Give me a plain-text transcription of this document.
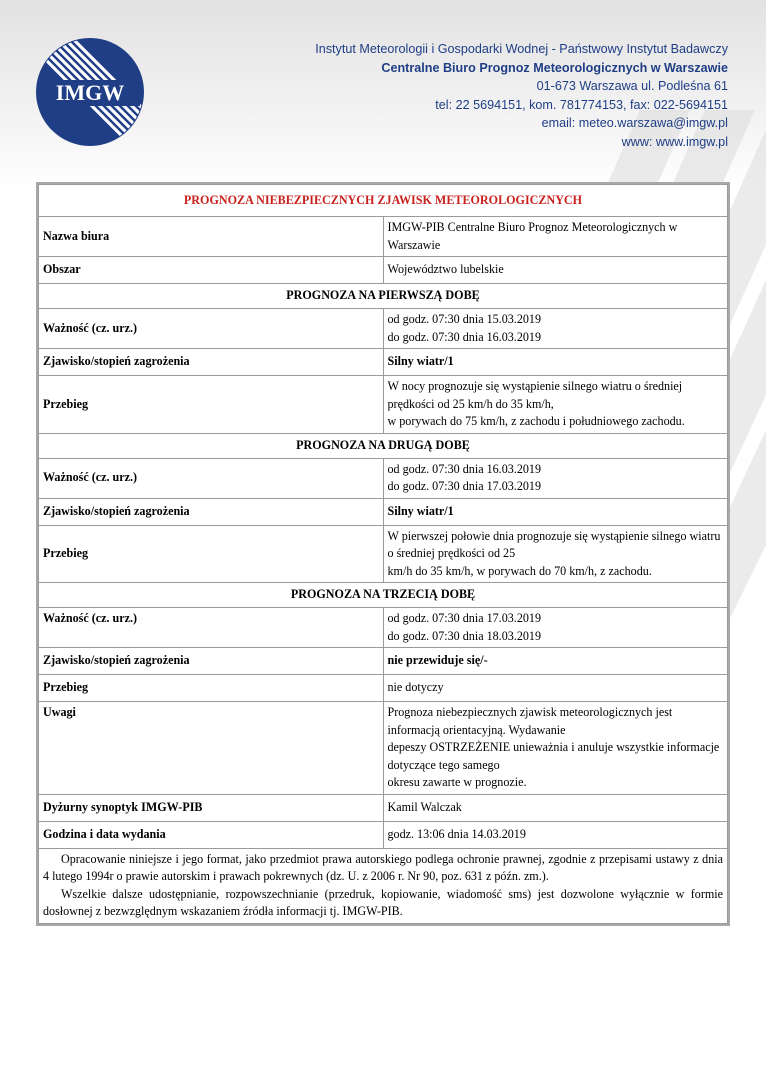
IMGW
Instytut Meteorologii i Gospodarki Wodnej - Państwowy Instytut Badawczy
Centralne Biuro Prognoz Meteorologicznych w Warszawie
01-673 Warszawa ul. Podleśna 61
tel: 22 5694151, kom. 781774153, fax: 022-5694151
email: meteo.warszawa@imgw.pl
www: www.imgw.pl
PROGNOZA NIEBEZPIECZNYCH ZJAWISK METEOROLOGICZNYCH	
Nazwa biura	IMGW-PIB Centralne Biuro Prognoz Meteorologicznych w Warszawie
Obszar	Województwo lubelskie
PROGNOZA NA PIERWSZĄ DOBĘ	
Ważność (cz. urz.)	od godz. 07:30 dnia 15.03.2019
do godz. 07:30 dnia 16.03.2019

Zjawisko/stopień zagrożenia	Silny wiatr/1
Przebieg	W nocy prognozuje się wystąpienie silnego wiatru o średniej prędkości od 25 km/h do 35 km/h,
w porywach do 75 km/h, z zachodu i południowego zachodu.

PROGNOZA NA DRUGĄ DOBĘ	
Ważność (cz. urz.)	od godz. 07:30 dnia 16.03.2019
do godz. 07:30 dnia 17.03.2019

Zjawisko/stopień zagrożenia	Silny wiatr/1
Przebieg	W pierwszej połowie dnia prognozuje się wystąpienie silnego wiatru o średniej prędkości od 25
km/h do 35 km/h, w porywach do 70 km/h, z zachodu.

PROGNOZA NA TRZECIĄ DOBĘ	
Ważność (cz. urz.)	od godz. 07:30 dnia 17.03.2019
do godz. 07:30 dnia 18.03.2019

Zjawisko/stopień zagrożenia	nie przewiduje się/-
Przebieg	nie dotyczy
Uwagi	Prognoza niebezpiecznych zjawisk meteorologicznych jest informacją orientacyjną. Wydawanie
depeszy OSTRZEŻENIE unieważnia i anuluje wszystkie informacje dotyczące tego samego
okresu zawarte w prognozie.

Dyżurny synoptyk IMGW-PIB	Kamil Walczak
Godzina i data wydania	godz. 13:06 dnia 14.03.2019

Opracowanie niniejsze i jego format, jako przedmiot prawa autorskiego podlega ochronie prawnej, zgodnie z przepisami ustawy z dnia 4 lutego 1994r o prawie autorskim i prawach pokrewnych (dz. U. z 2006 r. Nr 90, poz. 631 z późn. zm.).

Wszelkie dalsze udostępnianie, rozpowszechnianie (przedruk, kopiowanie, wiadomość sms) jest dozwolone wyłącznie w formie dosłownej z bezwzględnym wskazaniem źródła informacji tj. IMGW-PIB.	
